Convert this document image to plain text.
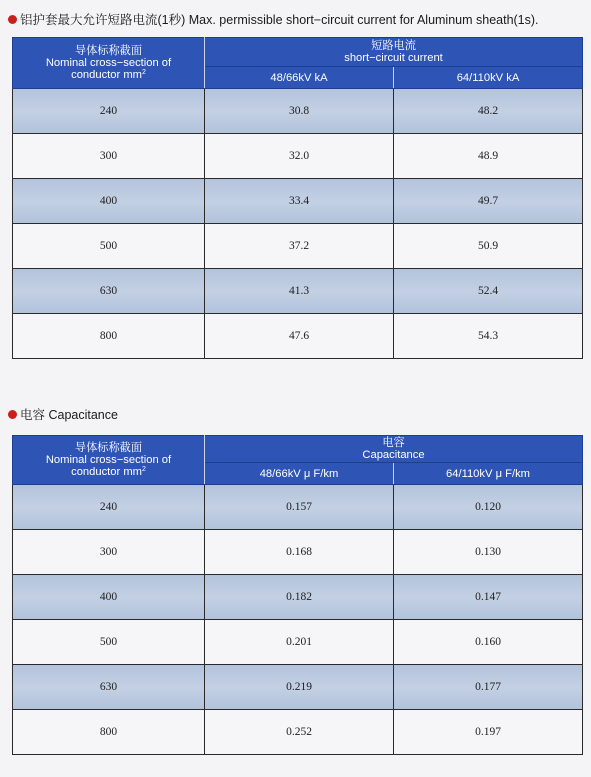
铝护套最大允许短路电流(1秒) Max. permissible short−circuit current for Aluminum sheath(1s).
导体标称截面
Nominal cross−section of
conductor $mm^2$	短路电流
short−circuit current	

	48/66kV kA	64/110kV kA
240	30.8	48.2
300	32.0	48.9
400	33.4	49.7
500	37.2	50.9
630	41.3	52.4
800	47.6	54.3
电容 Capacitance
导体标称截面
Nominal cross−section of
conductor $mm^2$	电容
Capacitance	

	48/66kV μ F/km	64/110kV μ F/km
240	0.157	0.120
300	0.168	0.130
400	0.182	0.147
500	0.201	0.160
630	0.219	0.177
800	0.252	0.197
